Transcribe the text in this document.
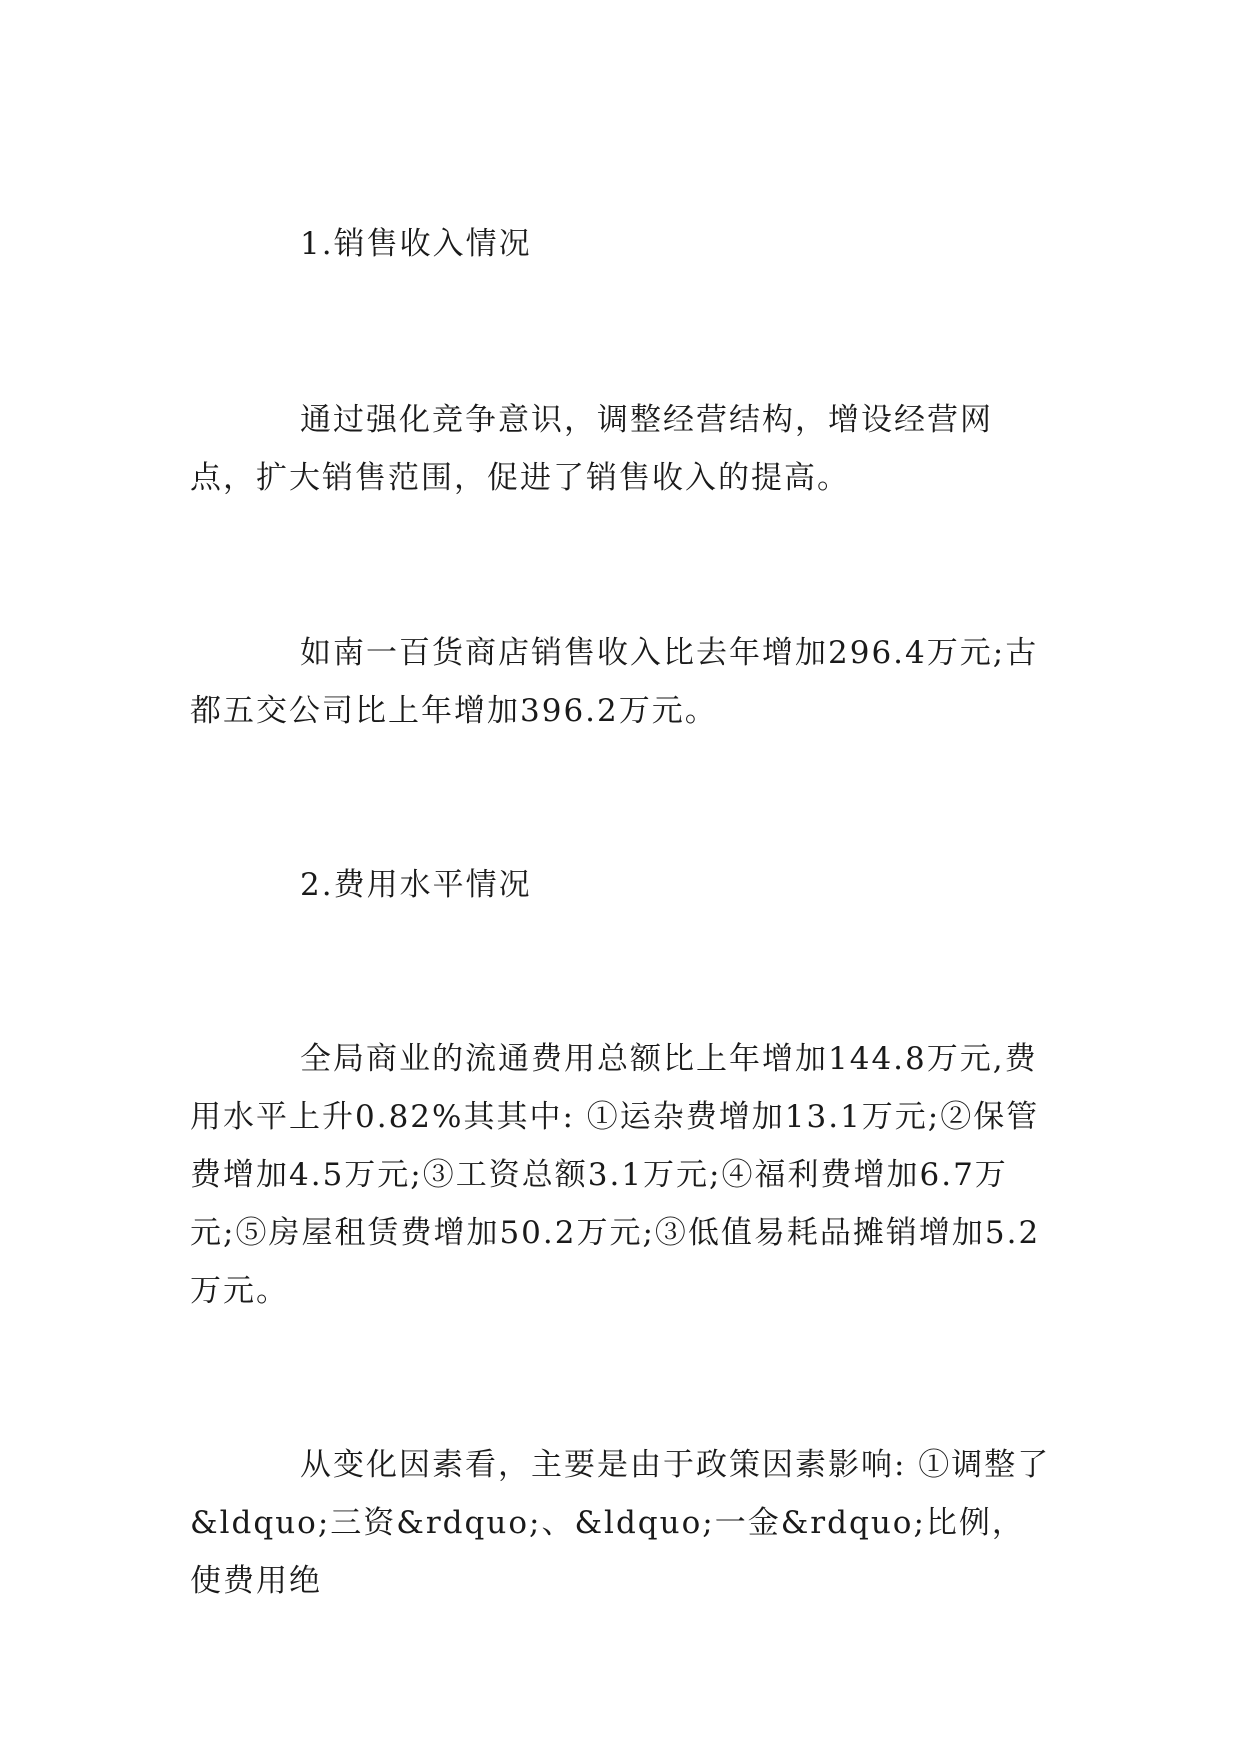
1.销售收入情况

通过强化竞争意识，调整经营结构，增设经营网点，扩大销售范围，促进了销售收入的提高。

如南一百货商店销售收入比去年增加296.4万元;古都五交公司比上年增加396.2万元。

2.费用水平情况

全局商业的流通费用总额比上年增加144.8万元,费用水平上升0.82%其其中: ①运杂费增加13.1万元;②保管费增加4.5万元;③工资总额3.1万元;④福利费增加6.7万元;⑤房屋租赁费增加50.2万元;③低值易耗品摊销增加5.2万元。

从变化因素看，主要是由于政策因素影响: ①调整了&ldquo;三资&rdquo;、&ldquo;一金&rdquo;比例，使费用绝
